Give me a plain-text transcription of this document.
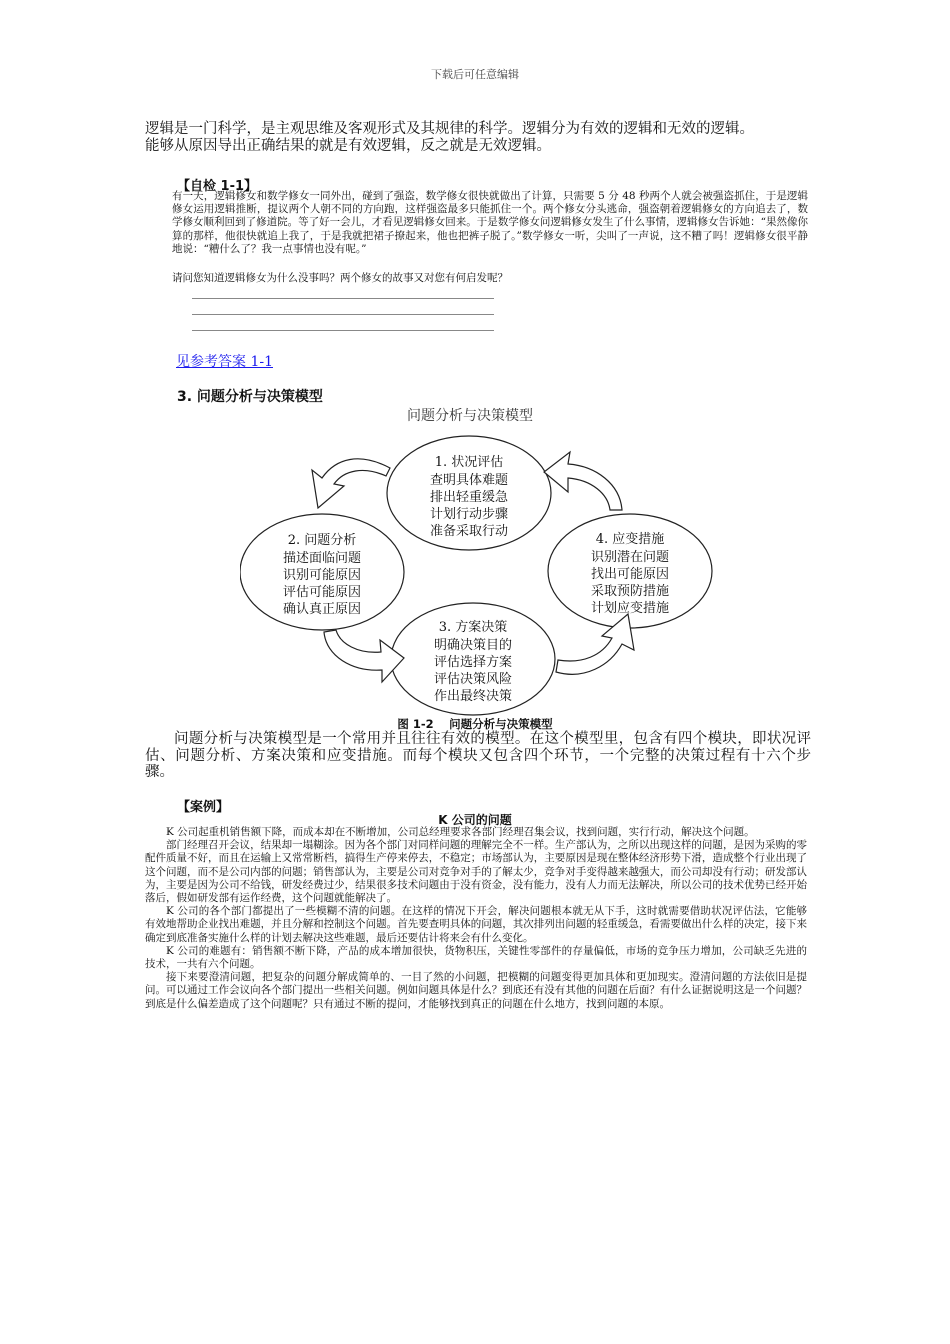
下载后可任意编辑

逻辑是一门科学，是主观思维及客观形式及其规律的科学。逻辑分为有效的逻辑和无效的逻辑。

能够从原因导出正确结果的就是有效逻辑，反之就是无效逻辑。

【自检 1-1】

有一天，逻辑修女和数学修女一同外出，碰到了强盗，数学修女很快就做出了计算，只需要 5 分 48 秒两个人就会被强盗抓住，于是逻辑修女运用逻辑推断，提议两个人朝不同的方向跑，这样强盗最多只能抓住一个。两个修女分头逃命，强盗朝着逻辑修女的方向追去了，数学修女顺利回到了修道院。等了好一会儿，才看见逻辑修女回来。于是数学修女问逻辑修女发生了什么事情，逻辑修女告诉她：“果然像你算的那样，他很快就追上我了，于是我就把裙子撩起来，他也把裤子脱了。”数学修女一听，尖叫了一声说，这不糟了吗！逻辑修女很平静地说：“糟什么了？我一点事情也没有呢。”

请问您知道逻辑修女为什么没事吗？两个修女的故事又对您有何启发呢？
见参考答案 1-1
3. 问题分析与决策模型
问题分析与决策模型
1. 状况评估
查明具体难题
排出轻重缓急
计划行动步骤
准备采取行动
2. 问题分析
描述面临问题
识别可能原因
评估可能原因
确认真正原因
3. 方案决策
明确决策目的
评估选择方案
评估决策风险
作出最终决策
4. 应变措施
识别潜在问题
找出可能原因
采取预防措施
计划应变措施
图 1-2　 问题分析与决策模型

问题分析与决策模型是一个常用并且往往有效的模型。在这个模型里，包含有四个模块，即状况评估、问题分析、方案决策和应变措施。而每个模块又包含四个环节，一个完整的决策过程有十六个步骤。

【案例】
K 公司的问题

K 公司起重机销售额下降，而成本却在不断增加，公司总经理要求各部门经理召集会议，找到问题，实行行动，解决这个问题。

部门经理召开会议，结果却一塌糊涂。因为各个部门对同样问题的理解完全不一样。生产部认为，之所以出现这样的问题，是因为采购的零配件质量不好，而且在运输上又常常断档，搞得生产停来停去，不稳定；市场部认为，主要原因是现在整体经济形势下滑，造成整个行业出现了这个问题，而不是公司内部的问题；销售部认为，主要是公司对竞争对手的了解太少，竞争对手变得越来越强大，而公司却没有行动；研发部认为，主要是因为公司不给钱，研发经费过少，结果很多技术问题由于没有资金，没有能力，没有人力而无法解决，所以公司的技术优势已经开始落后，假如研发部有运作经费，这个问题就能解决了。

K 公司的各个部门都提出了一些模糊不清的问题。在这样的情况下开会，解决问题根本就无从下手，这时就需要借助状况评估法，它能够有效地帮助企业找出难题，并且分解和控制这个问题。首先要查明具体的问题，其次排列出问题的轻重缓急，看需要做出什么样的决定，接下来确定到底准备实施什么样的计划去解决这些难题，最后还要估计将来会有什么变化。

K 公司的难题有：销售额不断下降，产品的成本增加很快，货物积压，关键性零部件的存量偏低，市场的竞争压力增加，公司缺乏先进的技术，一共有六个问题。

接下来要澄清问题，把复杂的问题分解成简单的、一目了然的小问题，把模糊的问题变得更加具体和更加现实。澄清问题的方法依旧是提问。可以通过工作会议向各个部门提出一些相关问题。例如问题具体是什么？到底还有没有其他的问题在后面？有什么证据说明这是一个问题？到底是什么偏差造成了这个问题呢？只有通过不断的提问，才能够找到真正的问题在什么地方，找到问题的本原。
